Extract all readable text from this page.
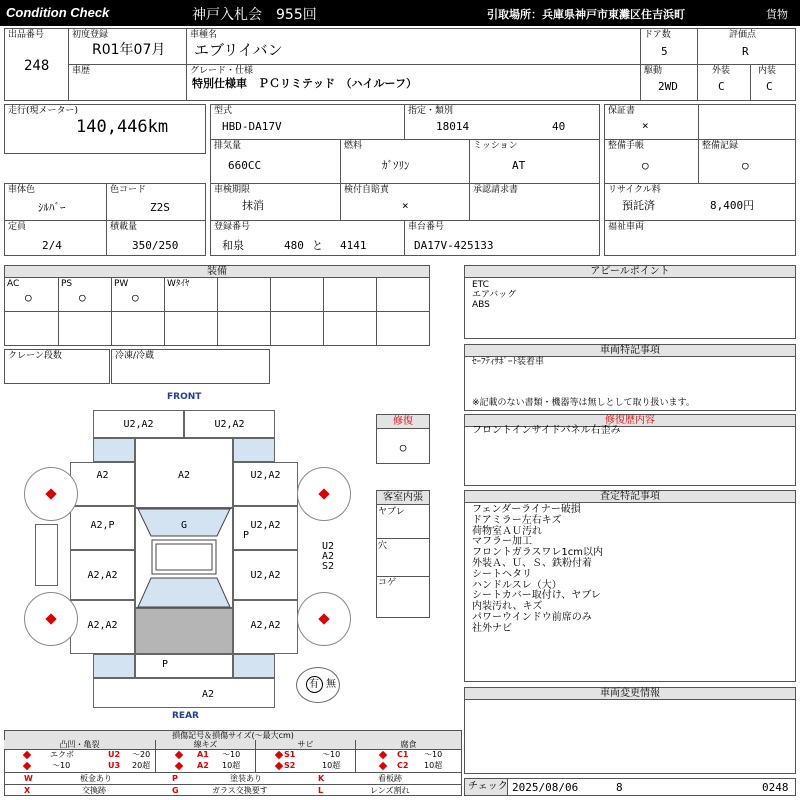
Condition Check	神戸入札会　955回	引取場所：兵庫県神戸市東灘区住吉浜町	貨物
出品番号
248
初度登録
R01年07月
車種名
エブリイバン
ドア数
5
評価点
R
車歴	グレード・仕様
特別仕様車　ＰＣリミテッド　（ハイルーフ）
駆動
2WD
外装
C
内装
C
走行(現メーター)
140,446km
型式
HBD-DA17V
指定・類別
18014	40
排気量
660CC
燃料
ｶﾞｿﾘﾝ
ミッション
AT
車検期限
抹消
検付自賠責
×
承認請求書
登録番号
和泉	480 と 4141
車台番号
DA17V-425133
車体色
ｼﾙﾊﾞｰ
色コード
Z2S
定員
2/4
積載量
350/250
保証書
×
整備手帳
○
整備記録
○
リサイクル料
預託済	8,400円
福祉車両
装備
AC
○
PS
○
PW
○
Wﾀｲﾔ
クレーン段数	冷凍/冷蔵
アピールポイント
ETC
エアバッグ
ABS
車両特記事項
ｾｰﾌﾃｨｻﾎﾟｰﾄ装着車
※記載のない書類・機器等は無しとして取り扱います。
修復歴内容
フロントインサイドパネル右歪み
査定特記事項
フェンダーライナー破損
ドアミラー左右キズ
荷物室ＡＵ汚れ
マフラー加工
フロントガラスワレ1cm以内
外装Ａ、Ｕ、Ｓ、鉄粉付着
シートヘタリ
ハンドルスレ（大）
シートカバー取付け、ヤブレ
内装汚れ、キズ
パワーウインドウ前席のみ
社外ナビ
車両変更情報
チェック 2025/08/06	8	0248
FRONT
REAR
有 無
U2,A2	U2,A2
A2	A2	U2,A2
A2,P	G	U2,A2
P
U2
A2
S2
A2,A2	U2,A2
A2,A2	A2,A2
P
A2
修復
○
客室内張
ヤブレ
穴
コゲ
損傷記号＆損傷サイズ(〜最大cm)
凸凹・亀裂	線キズ	サビ	腐食
エクボ	U2 〜20	A1 〜10	S1	〜10	C1 〜10
〜10	U3 20超	A2 10超	S2	10超	C2 10超
W	板金あり	P	塗装あり	K	看板跡
X	交換跡	G	ガラス交換要す	L	レンズ割れ
